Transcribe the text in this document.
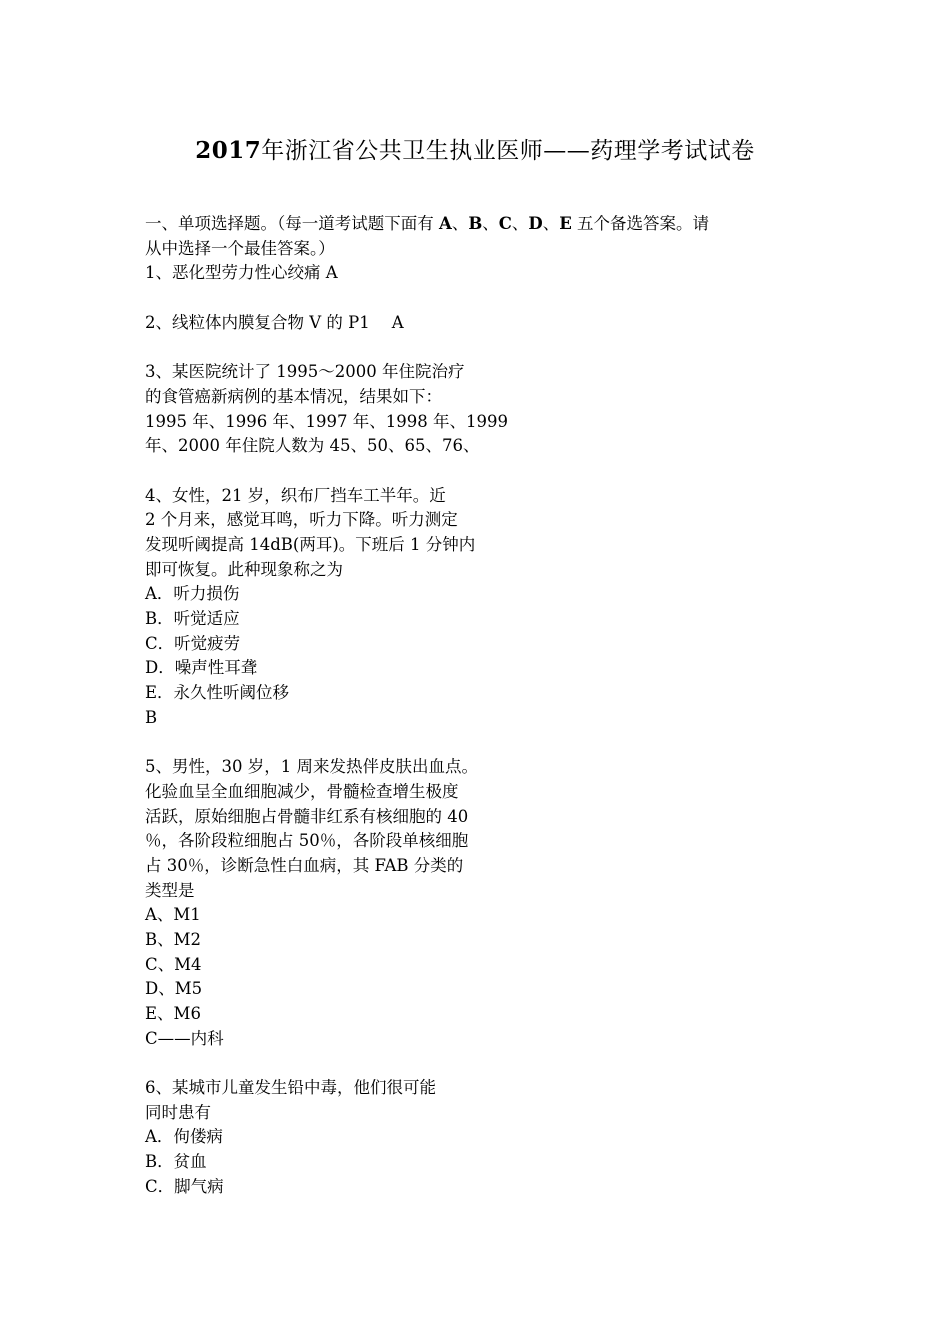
2017年浙江省公共卫生执业医师——药理学考试试卷
一、单项选择题。（每一道考试题下面有 A、B、C、D、E 五个备选答案。请
从中选择一个最佳答案。）
1、恶化型劳力性心绞痛 A
2、线粒体内膜复合物 V 的 P1 A
3、某医院统计了 1995～2000 年住院治疗
的食管癌新病例的基本情况，结果如下：
1995 年、1996 年、1997 年、1998 年、1999
年、2000 年住院人数为 45、50、65、76、
4、女性，21 岁，织布厂挡车工半年。近
2 个月来，感觉耳鸣，听力下降。听力测定
发现听阈提高 14dB(两耳)。下班后 1 分钟内
即可恢复。此种现象称之为
A．听力损伤
B．听觉适应
C．听觉疲劳
D．噪声性耳聋
E．永久性听阈位移
B
5、男性，30 岁，1 周来发热伴皮肤出血点。
化验血呈全血细胞减少，骨髓检查增生极度
活跃，原始细胞占骨髓非红系有核细胞的 40
％，各阶段粒细胞占 50％，各阶段单核细胞
占 30％，诊断急性白血病，其 FAB 分类的
类型是
A、M1
B、M2
C、M4
D、M5
E、M6
C——内科
6、某城市儿童发生铅中毒，他们很可能
同时患有
A．佝偻病
B．贫血
C．脚气病
